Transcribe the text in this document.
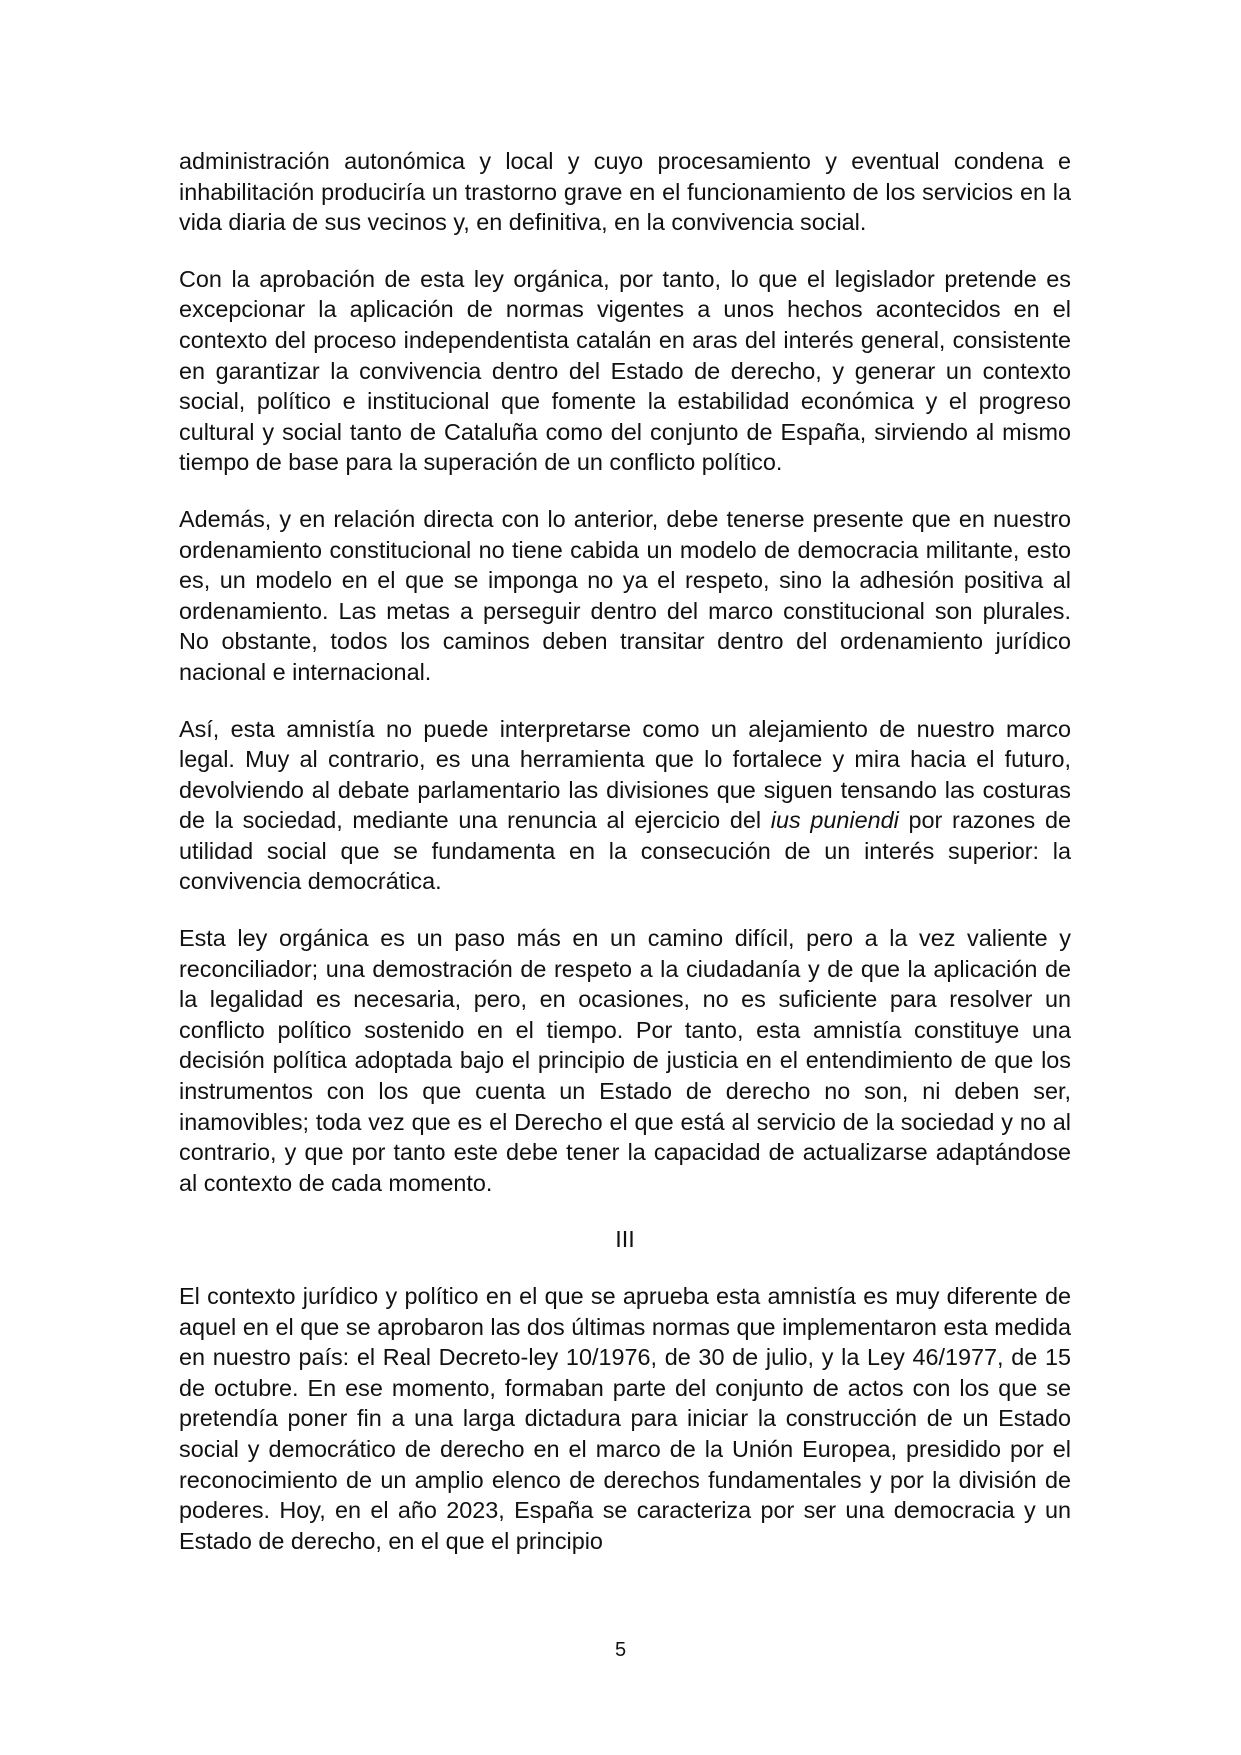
administración autonómica y local y cuyo procesamiento y eventual condena e inhabilitación produciría un trastorno grave en el funcionamiento de los servicios en la vida diaria de sus vecinos y, en definitiva, en la convivencia social.

Con la aprobación de esta ley orgánica, por tanto, lo que el legislador pretende es excepcionar la aplicación de normas vigentes a unos hechos acontecidos en el contexto del proceso independentista catalán en aras del interés general, consistente en garantizar la convivencia dentro del Estado de derecho, y generar un contexto social, político e institucional que fomente la estabilidad económica y el progreso cultural y social tanto de Cataluña como del conjunto de España, sirviendo al mismo tiempo de base para la superación de un conflicto político.

Además, y en relación directa con lo anterior, debe tenerse presente que en nuestro ordenamiento constitucional no tiene cabida un modelo de democracia militante, esto es, un modelo en el que se imponga no ya el respeto, sino la adhesión positiva al ordenamiento. Las metas a perseguir dentro del marco constitucional son plurales. No obstante, todos los caminos deben transitar dentro del ordenamiento jurídico nacional e internacional.

Así, esta amnistía no puede interpretarse como un alejamiento de nuestro marco legal. Muy al contrario, es una herramienta que lo fortalece y mira hacia el futuro, devolviendo al debate parlamentario las divisiones que siguen tensando las costuras de la sociedad, mediante una renuncia al ejercicio del ius puniendi por razones de utilidad social que se fundamenta en la consecución de un interés superior: la convivencia democrática.

Esta ley orgánica es un paso más en un camino difícil, pero a la vez valiente y reconciliador; una demostración de respeto a la ciudadanía y de que la aplicación de la legalidad es necesaria, pero, en ocasiones, no es suficiente para resolver un conflicto político sostenido en el tiempo. Por tanto, esta amnistía constituye una decisión política adoptada bajo el principio de justicia en el entendimiento de que los instrumentos con los que cuenta un Estado de derecho no son, ni deben ser, inamovibles; toda vez que es el Derecho el que está al servicio de la sociedad y no al contrario, y que por tanto este debe tener la capacidad de actualizarse adaptándose al contexto de cada momento.

III

El contexto jurídico y político en el que se aprueba esta amnistía es muy diferente de aquel en el que se aprobaron las dos últimas normas que implementaron esta medida en nuestro país: el Real Decreto-ley 10/1976, de 30 de julio, y la Ley 46/1977, de 15 de octubre. En ese momento, formaban parte del conjunto de actos con los que se pretendía poner fin a una larga dictadura para iniciar la construcción de un Estado social y democrático de derecho en el marco de la Unión Europea, presidido por el reconocimiento de un amplio elenco de derechos fundamentales y por la división de poderes. Hoy, en el año 2023, España se caracteriza por ser una democracia y un Estado de derecho, en el que el principio

5
